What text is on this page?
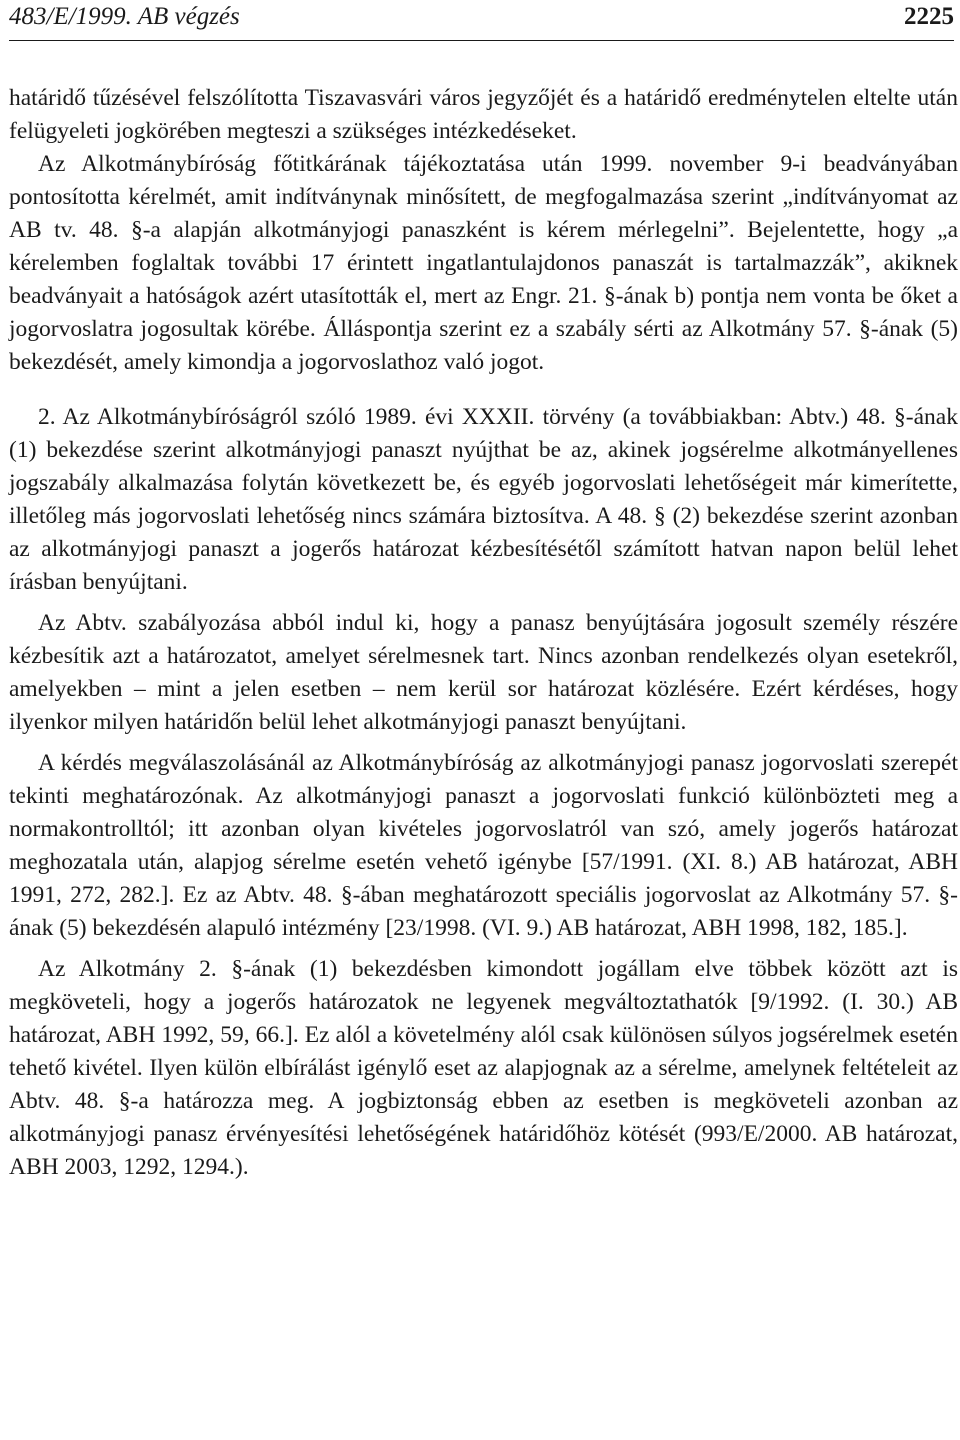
483/E/1999. AB végzés	2225

határidő tűzésével felszólította Tiszavasvári város jegyzőjét és a határidő eredménytelen eltelte után felügyeleti jogkörében megteszi a szükséges intézkedéseket.

Az Alkotmánybíróság főtitkárának tájékoztatása után 1999. november 9-i beadványában pontosította kérelmét, amit indítványnak minősített, de megfogalmazása szerint „indítványomat az AB tv. 48. §-a alapján alkotmányjogi panaszként is kérem mérlegelni”. Bejelentette, hogy „a kérelemben foglaltak további 17 érintett ingatlantulajdonos panaszát is tartalmazzák”, akiknek beadványait a hatóságok azért utasították el, mert az Engr. 21. §-ának b) pontja nem vonta be őket a jogorvoslatra jogosultak körébe. Álláspontja szerint ez a szabály sérti az Alkotmány 57. §-ának (5) bekezdését, amely kimondja a jogorvoslathoz való jogot.

2. Az Alkotmánybíróságról szóló 1989. évi XXXII. törvény (a továbbiakban: Abtv.) 48. §-ának (1) bekezdése szerint alkotmányjogi panaszt nyújthat be az, akinek jogsérelme alkotmányellenes jogszabály alkalmazása folytán következett be, és egyéb jogorvoslati lehetőségeit már kimerítette, illetőleg más jogorvoslati lehetőség nincs számára biztosítva. A 48. § (2) bekezdése szerint azonban az alkotmányjogi panaszt a jogerős határozat kézbesítésétől számított hatvan napon belül lehet írásban benyújtani.

Az Abtv. szabályozása abból indul ki, hogy a panasz benyújtására jogosult személy részére kézbesítik azt a határozatot, amelyet sérelmesnek tart. Nincs azonban rendelkezés olyan esetekről, amelyekben – mint a jelen esetben – nem kerül sor határozat közlésére. Ezért kérdéses, hogy ilyenkor milyen határidőn belül lehet alkotmányjogi panaszt benyújtani.

A kérdés megválaszolásánál az Alkotmánybíróság az alkotmányjogi panasz jogorvoslati szerepét tekinti meghatározónak. Az alkotmányjogi panaszt a jogorvoslati funkció különbözteti meg a normakontrolltól; itt azonban olyan kivételes jogorvoslatról van szó, amely jogerős határozat meghozatala után, alapjog sérelme esetén vehető igénybe [57/1991. (XI. 8.) AB határozat, ABH 1991, 272, 282.]. Ez az Abtv. 48. §-ában meghatározott speciális jogorvoslat az Alkotmány 57. §-ának (5) bekezdésén alapuló intézmény [23/1998. (VI. 9.) AB határozat, ABH 1998, 182, 185.].

Az Alkotmány 2. §-ának (1) bekezdésben kimondott jogállam elve többek között azt is megköveteli, hogy a jogerős határozatok ne legyenek megváltoztathatók [9/1992. (I. 30.) AB határozat, ABH 1992, 59, 66.]. Ez alól a követelmény alól csak különösen súlyos jogsérelmek esetén tehető kivétel. Ilyen külön elbírálást igénylő eset az alapjognak az a sérelme, amelynek feltételeit az Abtv. 48. §-a határozza meg. A jogbiztonság ebben az esetben is megköveteli azonban az alkotmányjogi panasz érvényesítési lehetőségének határidőhöz kötését (993/E/2000. AB határozat, ABH 2003, 1292, 1294.).
